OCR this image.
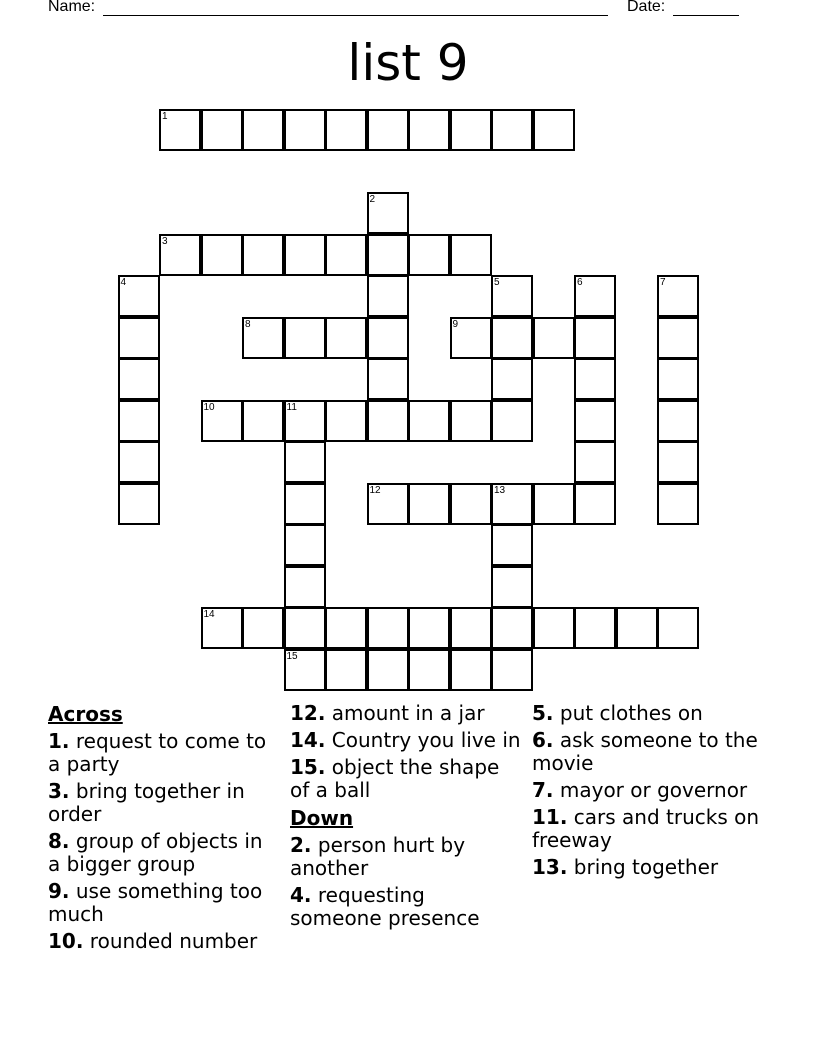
Name:	Date:
list 9
1
2
3
4	5	6	7
8	9
10	11
12	13
14
15
Across
1. request to come to a party
3. bring together in order
8. group of objects in a bigger group
9. use something too much
10. rounded number
12. amount in a jar
14. Country you live in
15. object the shape of a ball
Down
2. person hurt by another
4. requesting someone presence
5. put clothes on
6. ask someone to the movie
7. mayor or governor
11. cars and trucks on freeway
13. bring together
